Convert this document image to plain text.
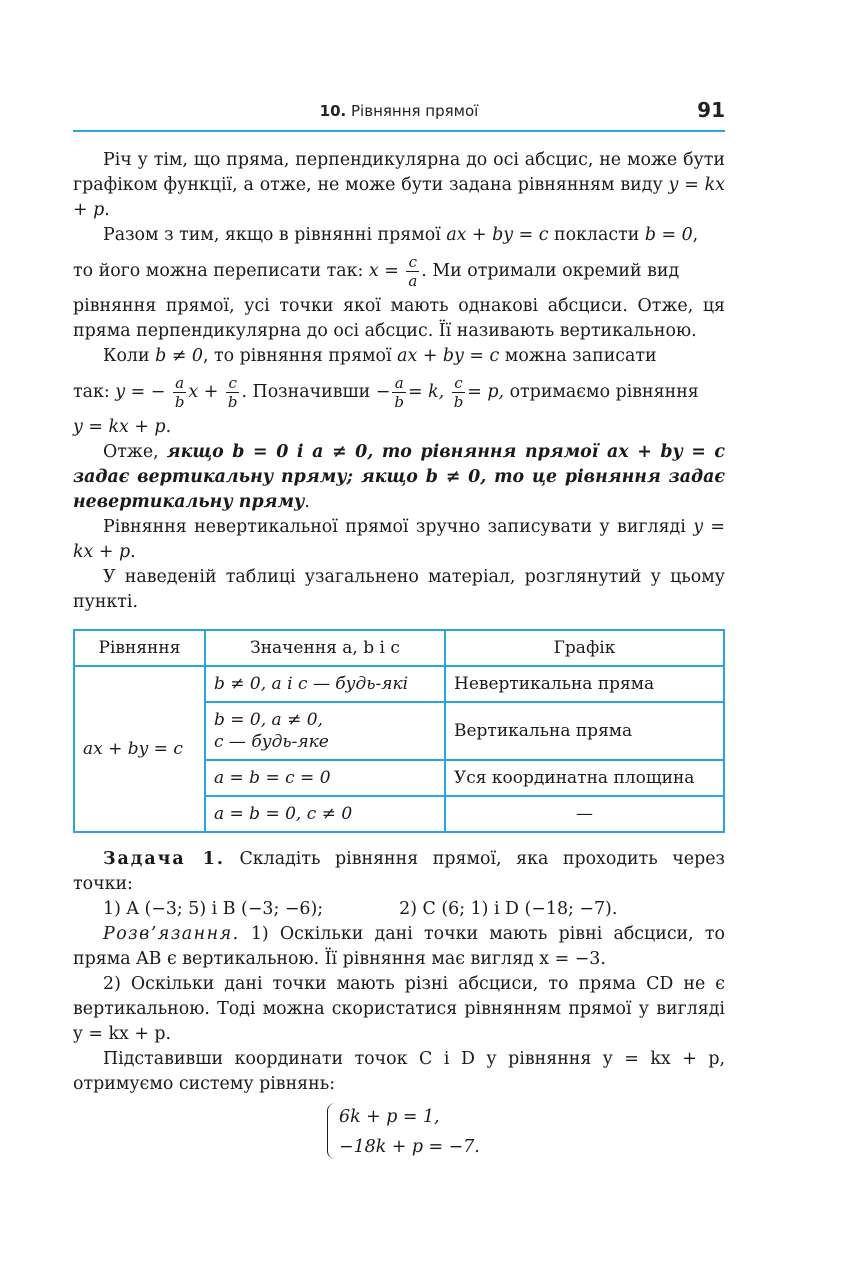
10. Рівняння прямої	91

Річ у тім, що пряма, перпендикулярна до осі абсцис, не може бути графіком функції, а отже, не може бути задана рівнянням виду y = kx + p.

Разом з тим, якщо в рівнянні прямої ax + by = c покласти b = 0,

то його можна переписати так: $x = \frac{c}{a}$ . Ми отримали окремий вид

рівняння прямої, усі точки якої мають однакові абсциси. Отже, ця пряма перпендикулярна до осі абсцис. Її називають вертикальною.

Коли b ≠ 0, то рівняння прямої ax + by = c можна записати

так: y = − $\frac{a}{b}$ $x + \frac{c}{b}$ . Позначивши − $\frac{a}{b} = k$, $\frac{c}{b} = p$, отримаємо рівняння

y = kx + p.

Отже, якщо b = 0 і a ≠ 0, то рівняння прямої ax + by = c задає вертикальну пряму; якщо b ≠ 0, то це рівняння задає невертикальну пряму.

Рівняння невертикальної прямої зручно записувати у вигляді y = kx + p.

У наведеній таблиці узагальнено матеріал, розглянутий у цьому пункті.

Рівняння	Значення a, b і c	Графік
ax + by = c	b ≠ 0, a і c — будь-які	Невертикальна пряма

	b = 0, a ≠ 0,
c — будь-яке	Вертикальна пряма
	a = b = c = 0	Уся координатна площина
	a = b = 0, c ≠ 0	—

Задача 1. Складіть рівняння прямої, яка проходить через точки:

1) A (−3; 5) і B (−3; −6);	2) C (6; 1) і D (−18; −7).

Розв’язання. 1) Оскільки дані точки мають рівні абсциси, то пряма AB є вертикальною. Її рівняння має вигляд x = −3.

2) Оскільки дані точки мають різні абсциси, то пряма CD не є вертикальною. Тоді можна скористатися рівнянням прямої у вигляді y = kx + p.

Підставивши координати точок C і D у рівняння y = kx + p, отримуємо систему рівнянь:

6k + p = 1,
−18k + p = −7.
